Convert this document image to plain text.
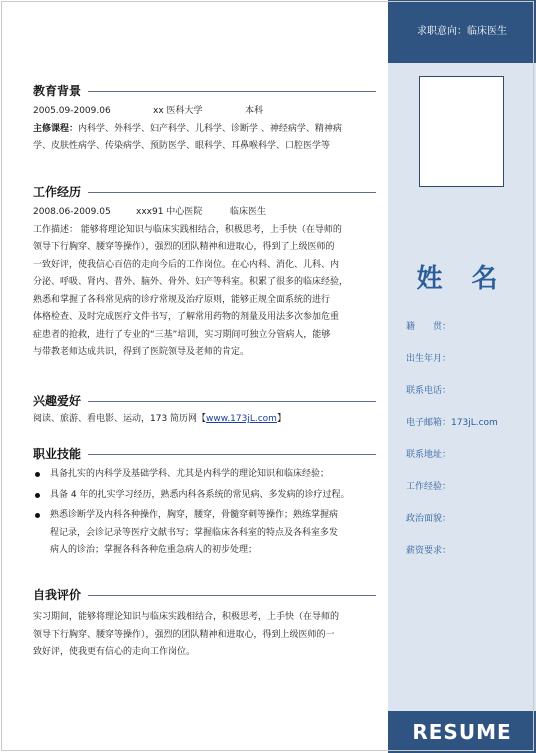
教育背景
2005.09-2009.06	xx 医科大学	本科
主修课程： 内科学、外科学、妇产科学、儿科学、诊断学 、神经病学、精神病
学、皮肤性病学、传染病学、预防医学、眼科学、耳鼻喉科学、口腔医学等
工作经历
2008.06-2009.05	xxx91 中心医院	临床医生
工作描述： 能够将理论知识与临床实践相结合，积极思考，上手快（在导师的
领导下行胸穿、腰穿等操作），强烈的团队精神和进取心，得到了上级医师的
一致好评，使我信心百倍的走向今后的工作岗位。在心内科、消化、儿科、内
分泌、呼吸、肾内、普外、脑外、骨外、妇产等科室。积累了很多的临床经验，
熟悉和掌握了各科常见病的诊疗常规及治疗原则，能够正规全面系统的进行
体格检查、及时完成医疗文件书写，了解常用药物的剂量及用法多次参加危重
症患者的抢救，进行了专业的“三基”培训，实习期间可独立分管病人，能够
与带教老师达成共识，得到了医院领导及老师的肯定。
兴趣爱好
阅读、旅游、看电影、运动，173 简历网【 www.173jL.com 】
职业技能
具备扎实的内科学及基础学科、尤其是内科学的理论知识和临床经验；
具备 4 年的扎实学习经历，熟悉内科各系统的常见病、多发病的诊疗过程。
熟悉诊断学及内科各种操作，胸穿，腰穿，骨髓穿刺等操作；熟练掌握病
程记录，会诊记录等医疗文献书写；掌握临床各科室的特点及各科室多发
病人的诊治；掌握各科各种危重急病人的初步处理；
自我评价
实习期间，能够将理论知识与临床实践相结合，积极思考，上手快（在导师的
领导下行胸穿、腰穿等操作），强烈的团队精神和进取心，得到上级医师的一
致好评，使我更有信心的走向工作岗位。
求职意向：临床医生
姓 名
籍　　贯：
出生年月：
联系电话：
电子邮箱：173jL.com
联系地址：
工作经验：
政治面貌：
薪资要求：
RESUME
